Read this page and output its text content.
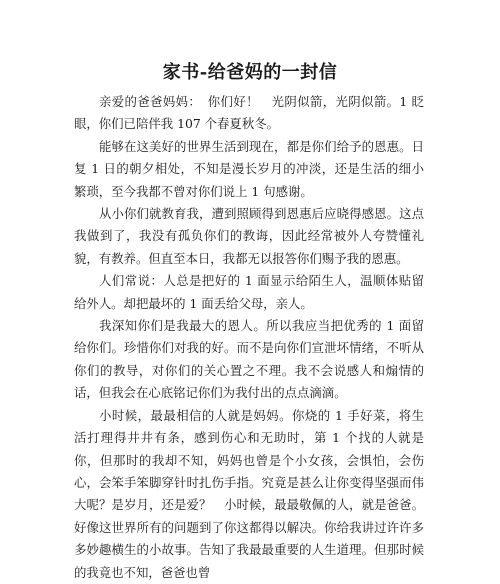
家书-给爸妈的一封信

亲爱的爸爸妈妈：　你们好！　光阴似箭，光阴似箭。1 眨眼，你们已陪伴我 107 个春夏秋冬。

能够在这美好的世界生活到现在，都是你们给予的恩惠。日复 1 日的朝夕相处，不知是漫长岁月的冲淡，还是生活的细小繁琐，至今我都不曾对你们说上 1 句感谢。

从小你们就教育我，遭到照顾得到恩惠后应晓得感恩。这点我做到了，我没有孤负你们的教诲，因此经常被外人夸赞懂礼貌，有教养。但直至本日，我都无以报答你们赐予我的恩惠。

人们常说：人总是把好的 1 面显示给陌生人，温顺体贴留给外人。却把最坏的 1 面丢给父母，亲人。

我深知你们是我最大的恩人。所以我应当把优秀的 1 面留给你们。珍惜你们对我的好。而不是向你们宣泄坏情绪，不听从你们的教导，对你们的关心置之不理。我不会说感人和煽情的话，但我会在心底铭记你们为我付出的点点滴滴。

小时候，最最相信的人就是妈妈。你烧的 1 手好菜，将生活打理得井井有条，感到伤心和无助时，第 1 个找的人就是你，但那时的我却不知，妈妈也曾是个小女孩，会惧怕，会伤心，会笨手笨脚穿针时扎伤手指。究竟是甚么让你变得坚强而伟大呢？是岁月，还是爱？　小时候，最最敬佩的人，就是爸爸。好像这世界所有的问题到了你这都得以解决。你给我讲过许许多多妙趣横生的小故事。告知了我最最重要的人生道理。但那时候的我竟也不知，爸爸也曾
